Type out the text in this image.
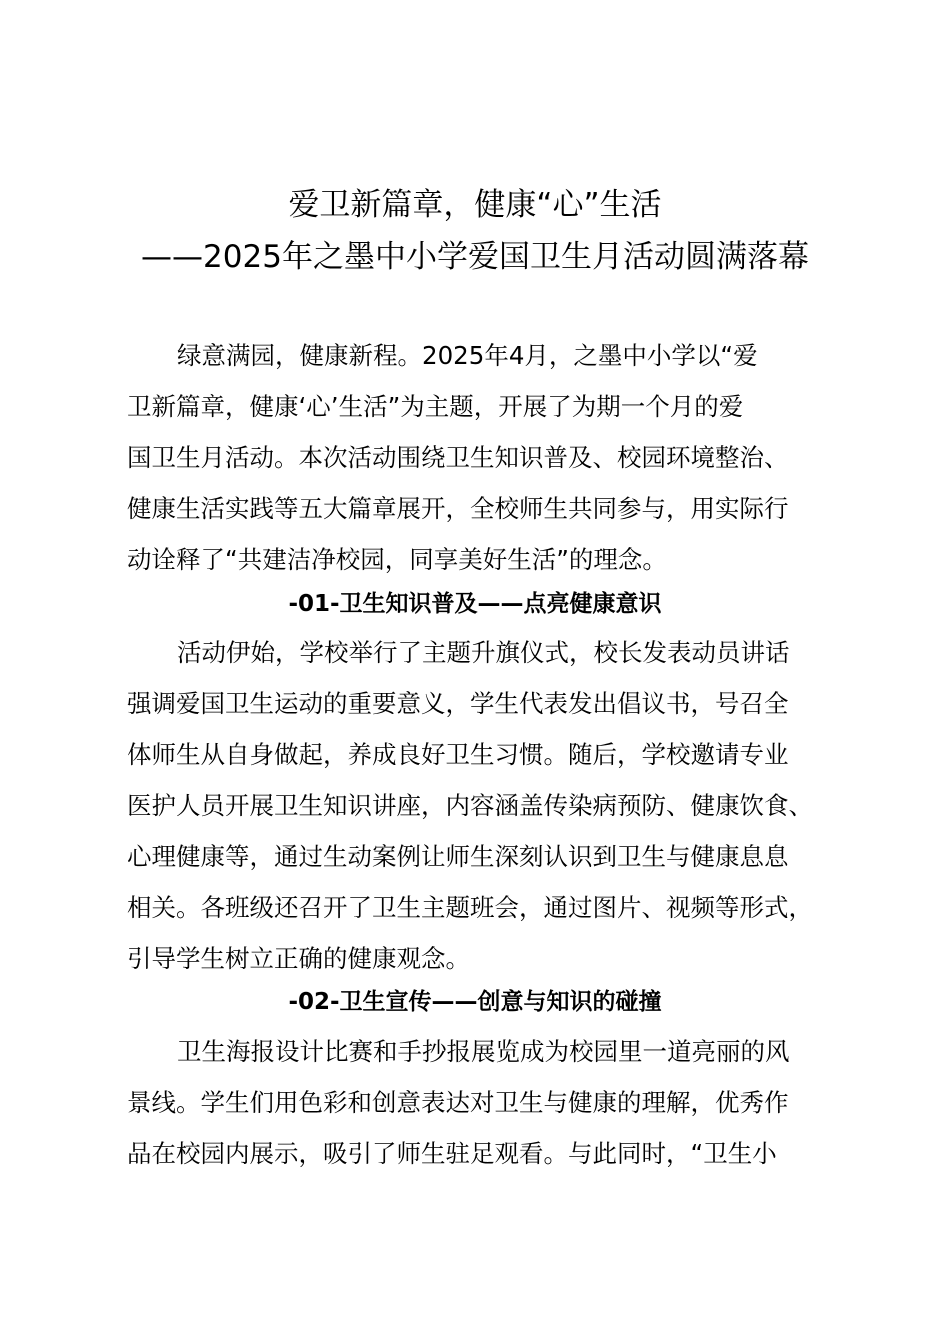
爱卫新篇章，健康“心”生活
——2025年之墨中小学爱国卫生月活动圆满落幕
绿意满园，健康新程。2025年4月，之墨中小学以“爱
卫新篇章，健康‘心’生活”为主题，开展了为期一个月的爱
国卫生月活动。本次活动围绕卫生知识普及、校园环境整治、
健康生活实践等五大篇章展开，全校师生共同参与，用实际行
动诠释了“共建洁净校园，同享美好生活”的理念。
-01-卫生知识普及——点亮健康意识
活动伊始，学校举行了主题升旗仪式，校长发表动员讲话
强调爱国卫生运动的重要意义，学生代表发出倡议书，号召全
体师生从自身做起，养成良好卫生习惯。随后，学校邀请专业
医护人员开展卫生知识讲座，内容涵盖传染病预防、健康饮食、
心理健康等，通过生动案例让师生深刻认识到卫生与健康息息
相关。各班级还召开了卫生主题班会，通过图片、视频等形式，
引导学生树立正确的健康观念。
-02-卫生宣传——创意与知识的碰撞
卫生海报设计比赛和手抄报展览成为校园里一道亮丽的风
景线。学生们用色彩和创意表达对卫生与健康的理解，优秀作
品在校园内展示，吸引了师生驻足观看。与此同时，“卫生小
